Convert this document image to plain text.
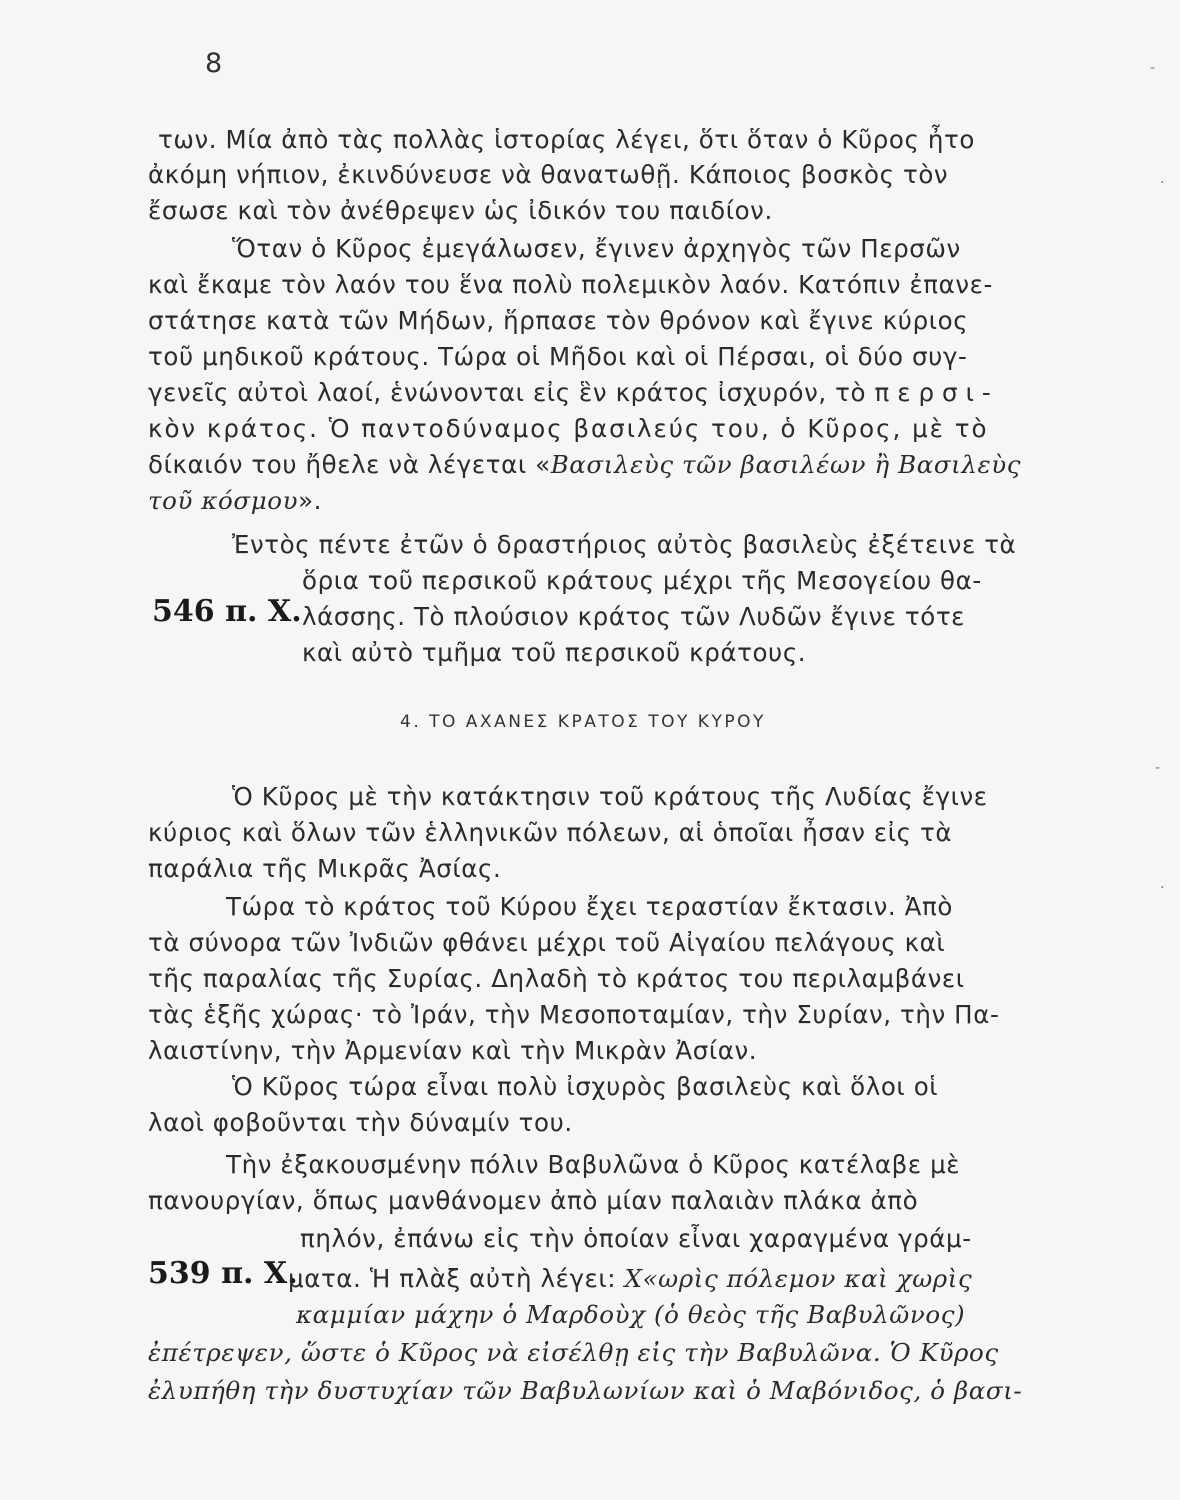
8
των. Μία ἀπὸ τὰς πολλὰς ἱστορίας λέγει, ὅτι ὅταν ὁ Κῦρος ἦτο
ἀκόμη νήπιον, ἐκινδύνευσε νὰ θανατωθῇ. Κάποιος βοσκὸς τὸν
ἔσωσε καὶ τὸν ἀνέθρεψεν ὡς ἰδικόν του παιδίον.
Ὅταν ὁ Κῦρος ἐμεγάλωσεν, ἔγινεν ἀρχηγὸς τῶν Περσῶν
καὶ ἔκαμε τὸν λαόν του ἕνα πολὺ πολεμικὸν λαόν. Κατόπιν ἐπανε-
στάτησε κατὰ τῶν Μήδων, ἥρπασε τὸν θρόνον καὶ ἔγινε κύριος
τοῦ μηδικοῦ κράτους. Τώρα οἱ Μῆδοι καὶ οἱ Πέρσαι, οἱ δύο συγ-
γενεῖς αὐτοὶ λαοί, ἑνώνονται εἰς ἓν κράτος ἰσχυρόν, τὸ περσι-
κὸν κράτος. Ὁ παντοδύναμος βασιλεύς του, ὁ Κῦρος, μὲ τὸ
δίκαιόν του ἤθελε νὰ λέγεται «Βασιλεὺς τῶν βασιλέων ἢ Βασιλεὺς
τοῦ κόσμου».
Ἐντὸς πέντε ἐτῶν ὁ δραστήριος αὐτὸς βασιλεὺς ἐξέτεινε τὰ
ὅρια τοῦ περσικοῦ κράτους μέχρι τῆς Μεσογείου θα-
546 π. Χ. λάσσης. Τὸ πλούσιον κράτος τῶν Λυδῶν ἔγινε τότε
καὶ αὐτὸ τμῆμα τοῦ περσικοῦ κράτους.
4. ΤΟ ΑΧΑΝΕΣ ΚΡΑΤΟΣ ΤΟΥ ΚΥΡΟΥ
Ὁ Κῦρος μὲ τὴν κατάκτησιν τοῦ κράτους τῆς Λυδίας ἔγινε
κύριος καὶ ὅλων τῶν ἑλληνικῶν πόλεων, αἱ ὁποῖαι ἦσαν εἰς τὰ
παράλια τῆς Μικρᾶς Ἀσίας.
Τώρα τὸ κράτος τοῦ Κύρου ἔχει τεραστίαν ἔκτασιν. Ἀπὸ
τὰ σύνορα τῶν Ἰνδιῶν φθάνει μέχρι τοῦ Αἰγαίου πελάγους καὶ
τῆς παραλίας τῆς Συρίας. Δηλαδὴ τὸ κράτος του περιλαμβάνει
τὰς ἑξῆς χώρας· τὸ Ἰράν, τὴν Μεσοποταμίαν, τὴν Συρίαν, τὴν Πα-
λαιστίνην, τὴν Ἀρμενίαν καὶ τὴν Μικρὰν Ἀσίαν.
Ὁ Κῦρος τώρα εἶναι πολὺ ἰσχυρὸς βασιλεὺς καὶ ὅλοι οἱ
λαοὶ φοβοῦνται τὴν δύναμίν του.
Τὴν ἐξακουσμένην πόλιν Βαβυλῶνα ὁ Κῦρος κατέλαβε μὲ
πανουργίαν, ὅπως μανθάνομεν ἀπὸ μίαν παλαιὰν πλάκα ἀπὸ
πηλόν, ἐπάνω εἰς τὴν ὁποίαν εἶναι χαραγμένα γράμ-
539 π. Χ.
ματα. Ἡ πλὰξ αὐτὴ λέγει: Χ«ωρὶς πόλεμον καὶ χωρὶς
καμμίαν μάχην ὁ Μαρδοὺχ (ὁ θεὸς τῆς Βαβυλῶνος)
ἐπέτρεψεν, ὥστε ὁ Κῦρος νὰ εἰσέλθῃ εἰς τὴν Βαβυλῶνα. Ὁ Κῦρος
ἐλυπήθη τὴν δυστυχίαν τῶν Βαβυλωνίων καὶ ὁ Μαβόνιδος, ὁ βασι-
-
·
-
·
